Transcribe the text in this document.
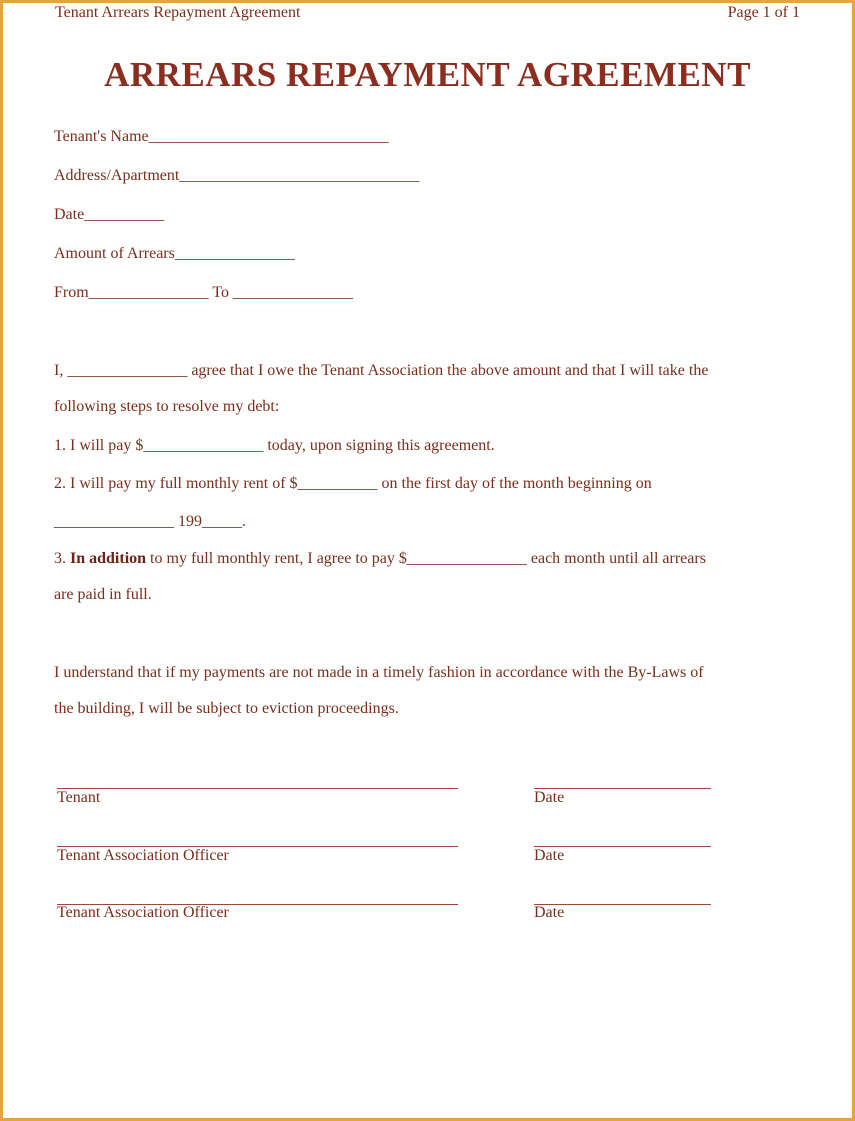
Tenant Arrears Repayment Agreement	Page 1 of 1
ARREARS REPAYMENT AGREEMENT
Tenant's Name______________________________
Address/Apartment______________________________
Date__________
Amount of Arrears_______________
From_______________ To _______________
I, _______________ agree that I owe the Tenant Association the above amount and that I will take the
following steps to resolve my debt:
1. I will pay $_______________ today, upon signing this agreement.
2. I will pay my full monthly rent of $__________ on the first day of the month beginning on
_______________ 199_____.
3. In addition to my full monthly rent, I agree to pay $_______________ each month until all arrears
are paid in full.
I understand that if my payments are not made in a timely fashion in accordance with the By-Laws of
the building, I will be subject to eviction proceedings.
Tenant	Date
Tenant Association Officer	Date
Tenant Association Officer	Date
